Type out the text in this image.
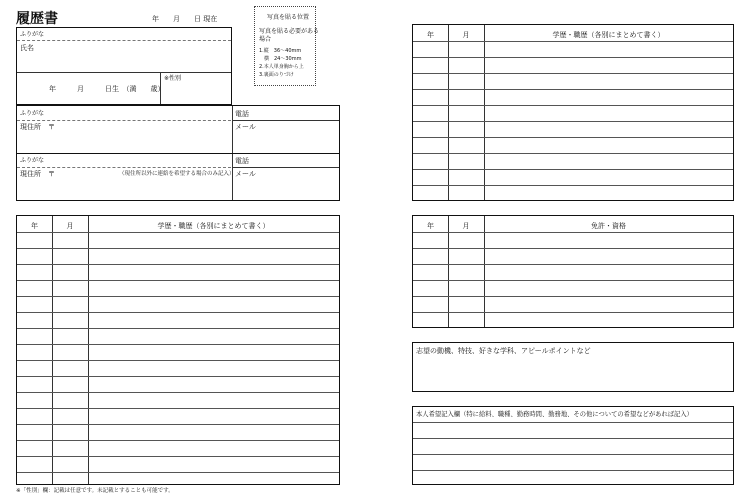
履歴書	年　　月　　日 現在	写真を貼る位置
写真を貼る必要がある
場合
1.縦　36〜40mm
　横　24〜30mm
2.本人単身胸から上
3.裏面のりづけ
ふりがな
氏名
年　　　月　　　日生　（満　　歳）
※性別
ふりがな	電話
現住所　〒	メール
ふりがな	電話
現住所　〒	（現住所以外に連絡を希望する場合のみ記入） メール
年	月	学歴・職歴（各別にまとめて書く）
※「性別」欄：記載は任意です。未記載とすることも可能です。
年	月	学歴・職歴（各別にまとめて書く）
年	月	免許・資格
志望の動機、特技、好きな学科、アピールポイントなど
本人希望記入欄（特に給料、職種、勤務時間、勤務地、その他についての希望などがあれば記入）
